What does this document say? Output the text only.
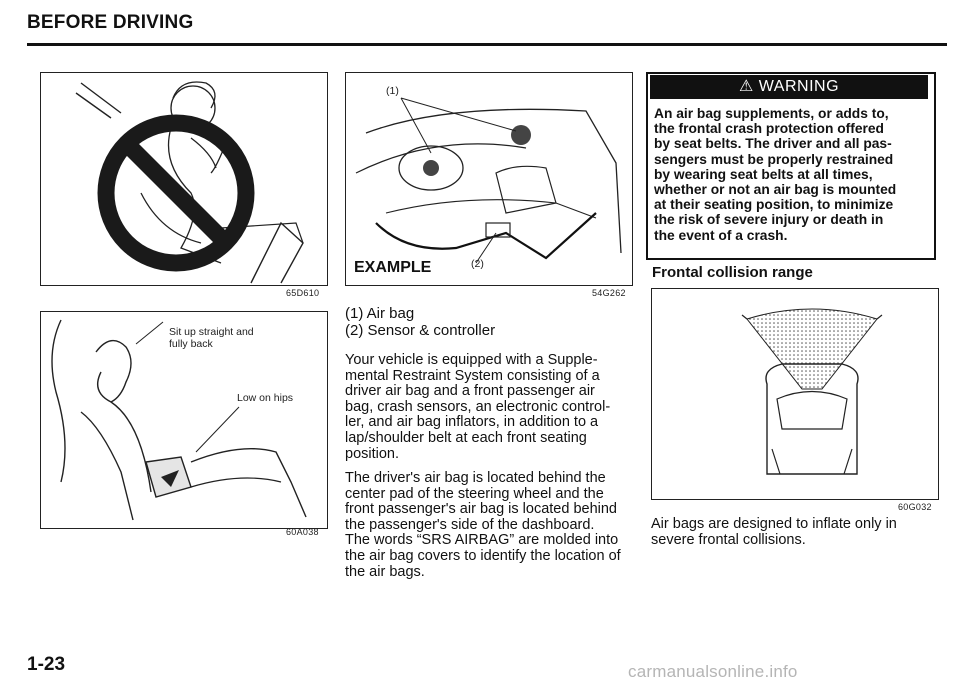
BEFORE DRIVING
65D610
Sit up straight and
fully back
Low on hips
60A038
(1)
(2)
EXAMPLE
54G262
(1) Air bag
(2) Sensor & controller
Your vehicle is equipped with a Supple-
mental Restraint System consisting of a
driver air bag and a front passenger air
bag, crash sensors, an electronic control-
ler, and air bag inflators, in addition to a
lap/shoulder belt at each front seating
position.
The driver's air bag is located behind the
center pad of the steering wheel and the
front passenger's air bag is located behind
the passenger's side of the dashboard.
The words “SRS AIRBAG” are molded into
the air bag covers to identify the location of
the air bags.
⚠ WARNING
An air bag supplements, or adds to,
the frontal crash protection offered
by seat belts. The driver and all pas-
sengers must be properly restrained
by wearing seat belts at all times,
whether or not an air bag is mounted
at their seating position, to minimize
the risk of severe injury or death in
the event of a crash.
Frontal collision range
60G032
Air bags are designed to inflate only in
severe frontal collisions.
1-23	carmanualsonline.info
